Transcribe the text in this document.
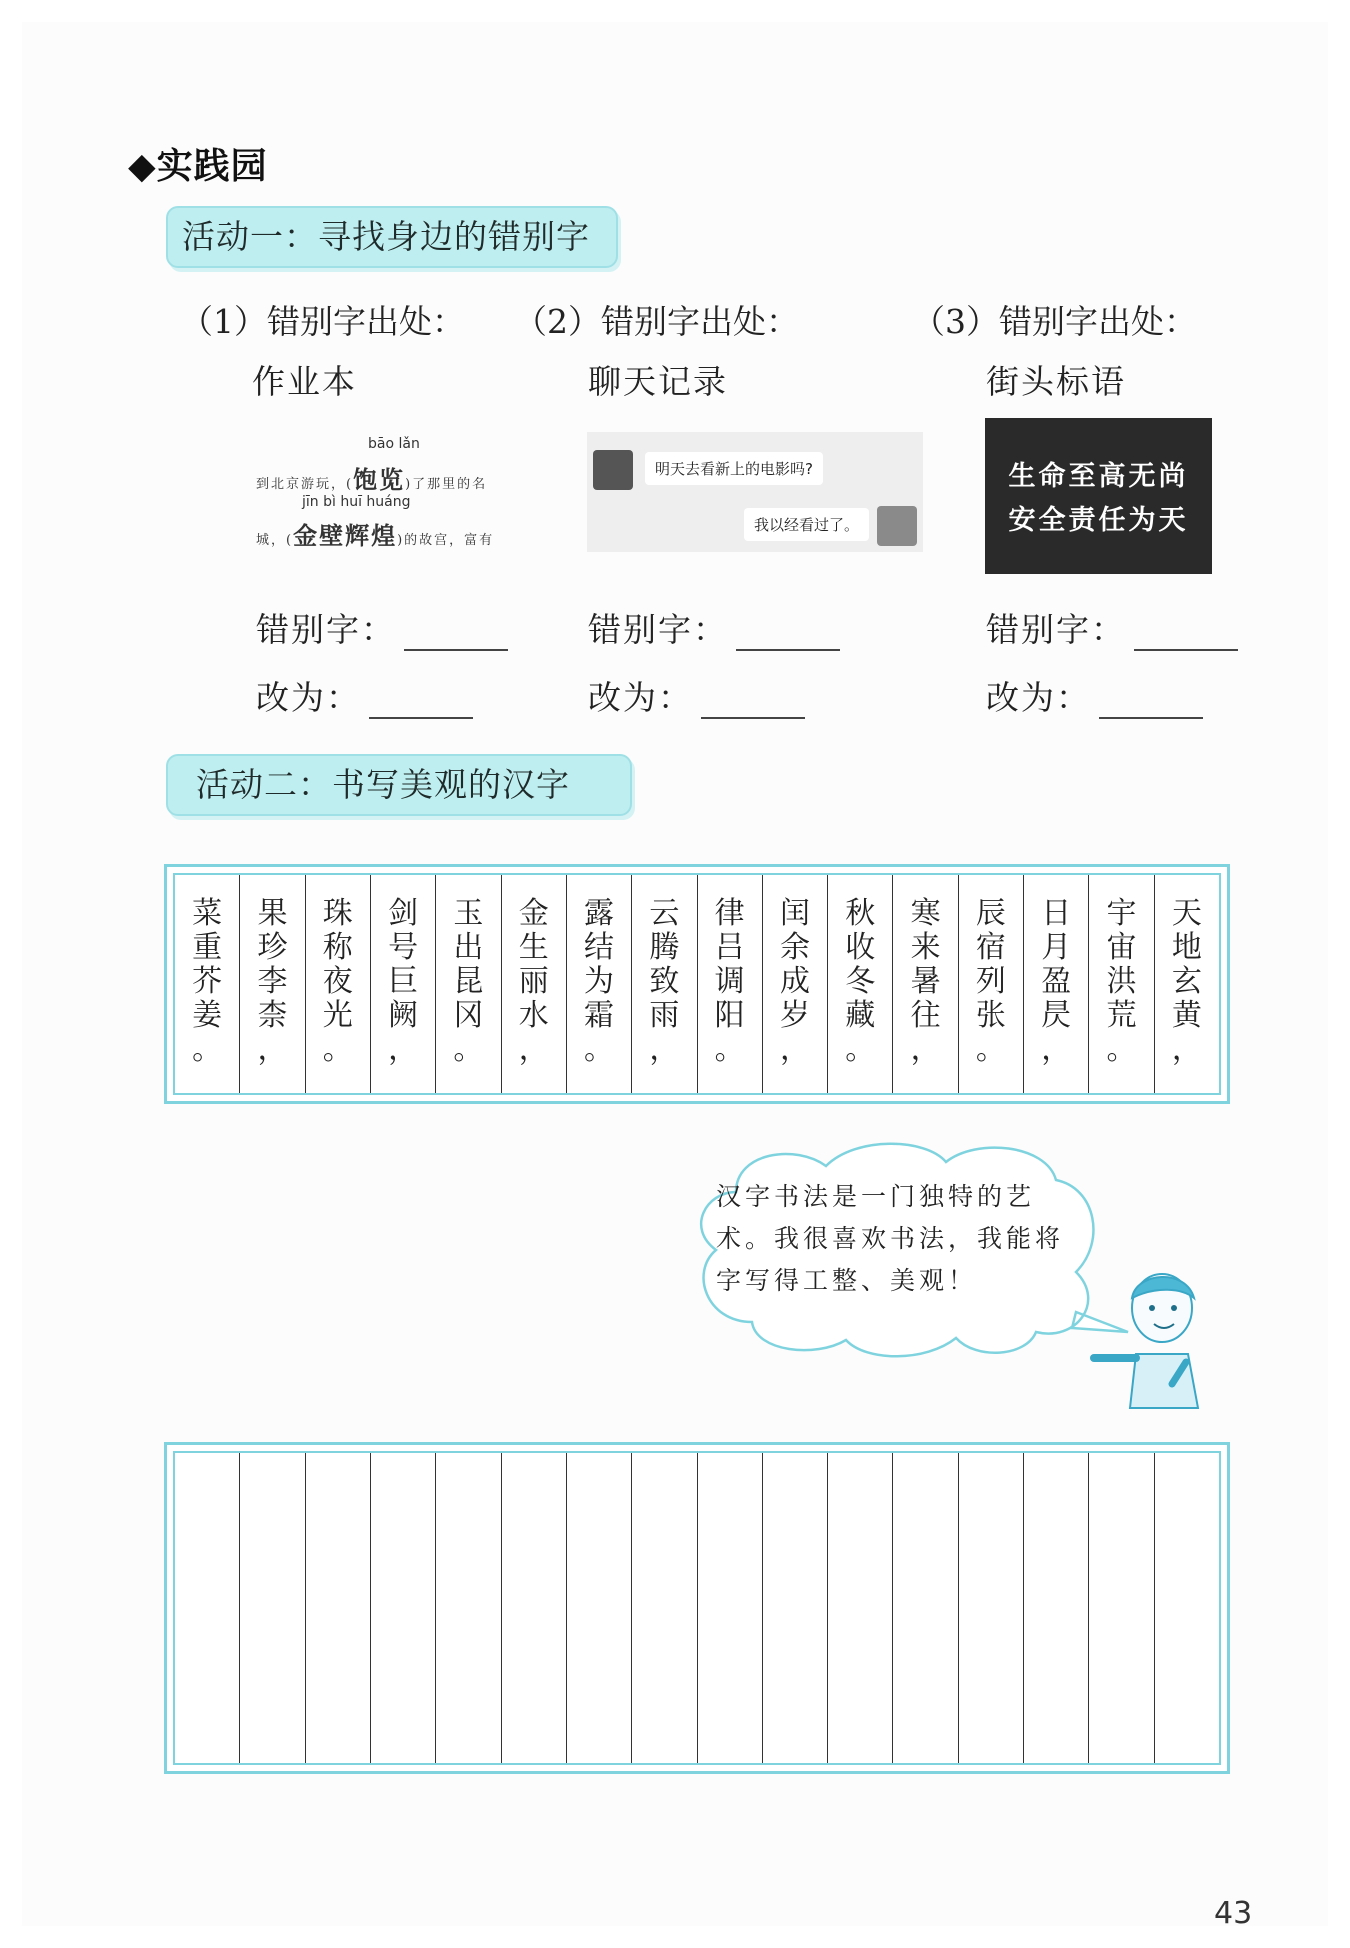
◆实践园
活动一：寻找身边的错别字
（1）错别字出处：
作业本
（2）错别字出处：
聊天记录
（3）错别字出处：
街头标语
bāo lǎn
到北京游玩，(饱览)了那里的名
jīn bì huī huáng
城，(金壁辉煌)的故宫，富有
明天去看新上的电影吗?
我以经看过了。
生命至高无尚
安全责任为天
错别字：
改为：
错别字：
改为：
错别字：
改为：
活动二：书写美观的汉字
菜
重
芥
姜
。
果
珍
李
柰
，
珠
称
夜
光
。
剑
号
巨
阙
，
玉
出
昆
冈
。
金
生
丽
水
，
露
结
为
霜
。
云
腾
致
雨
，
律
吕
调
阳
。
闰
余
成
岁
，
秋
收
冬
藏
。
寒
来
暑
往
，
辰
宿
列
张
。
日
月
盈
昃
，
宇
宙
洪
荒
。
天
地
玄
黄
，
汉字书法是一门独特的艺术。我很喜欢书法，我能将字写得工整、美观！
43
